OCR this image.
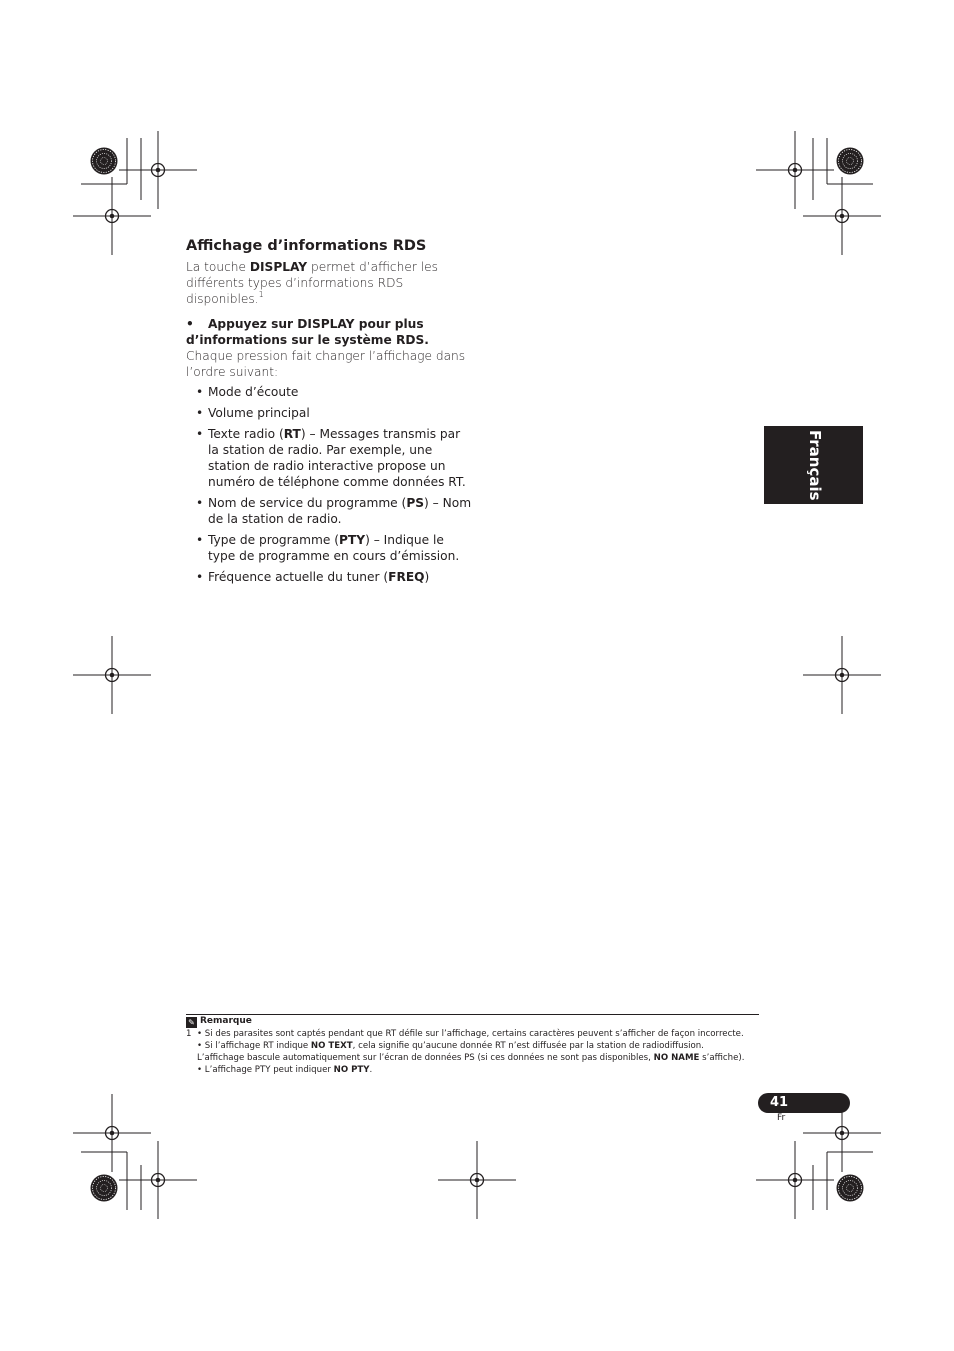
Affichage d’informations RDS
La touche DISPLAY permet d’afficher les différents types d’informations RDS disponibles.$^1$
• Appuyez sur DISPLAY pour plus d’informations sur le système RDS.
Chaque pression fait changer l’affichage dans l’ordre suivant:
• Mode d’écoute
• Volume principal
• Texte radio (RT) – Messages transmis par la station de radio. Par exemple, une station de radio interactive propose un numéro de téléphone comme données RT.
• Nom de service du programme (PS) – Nom de la station de radio.
• Type de programme (PTY) – Indique le type de programme en cours d’émission.
• Fréquence actuelle du tuner (FREQ)
Français
✎ Remarque
1 • Si des parasites sont captés pendant que RT défile sur l’affichage, certains caractères peuvent s’afficher de façon incorrecte.
• Si l’affichage RT indique NO TEXT, cela signifie qu’aucune donnée RT n’est diffusée par la station de radiodiffusion.
L’affichage bascule automatiquement sur l’écran de données PS (si ces données ne sont pas disponibles, NO NAME s’affiche).
• L’affichage PTY peut indiquer NO PTY.
41
Fr
